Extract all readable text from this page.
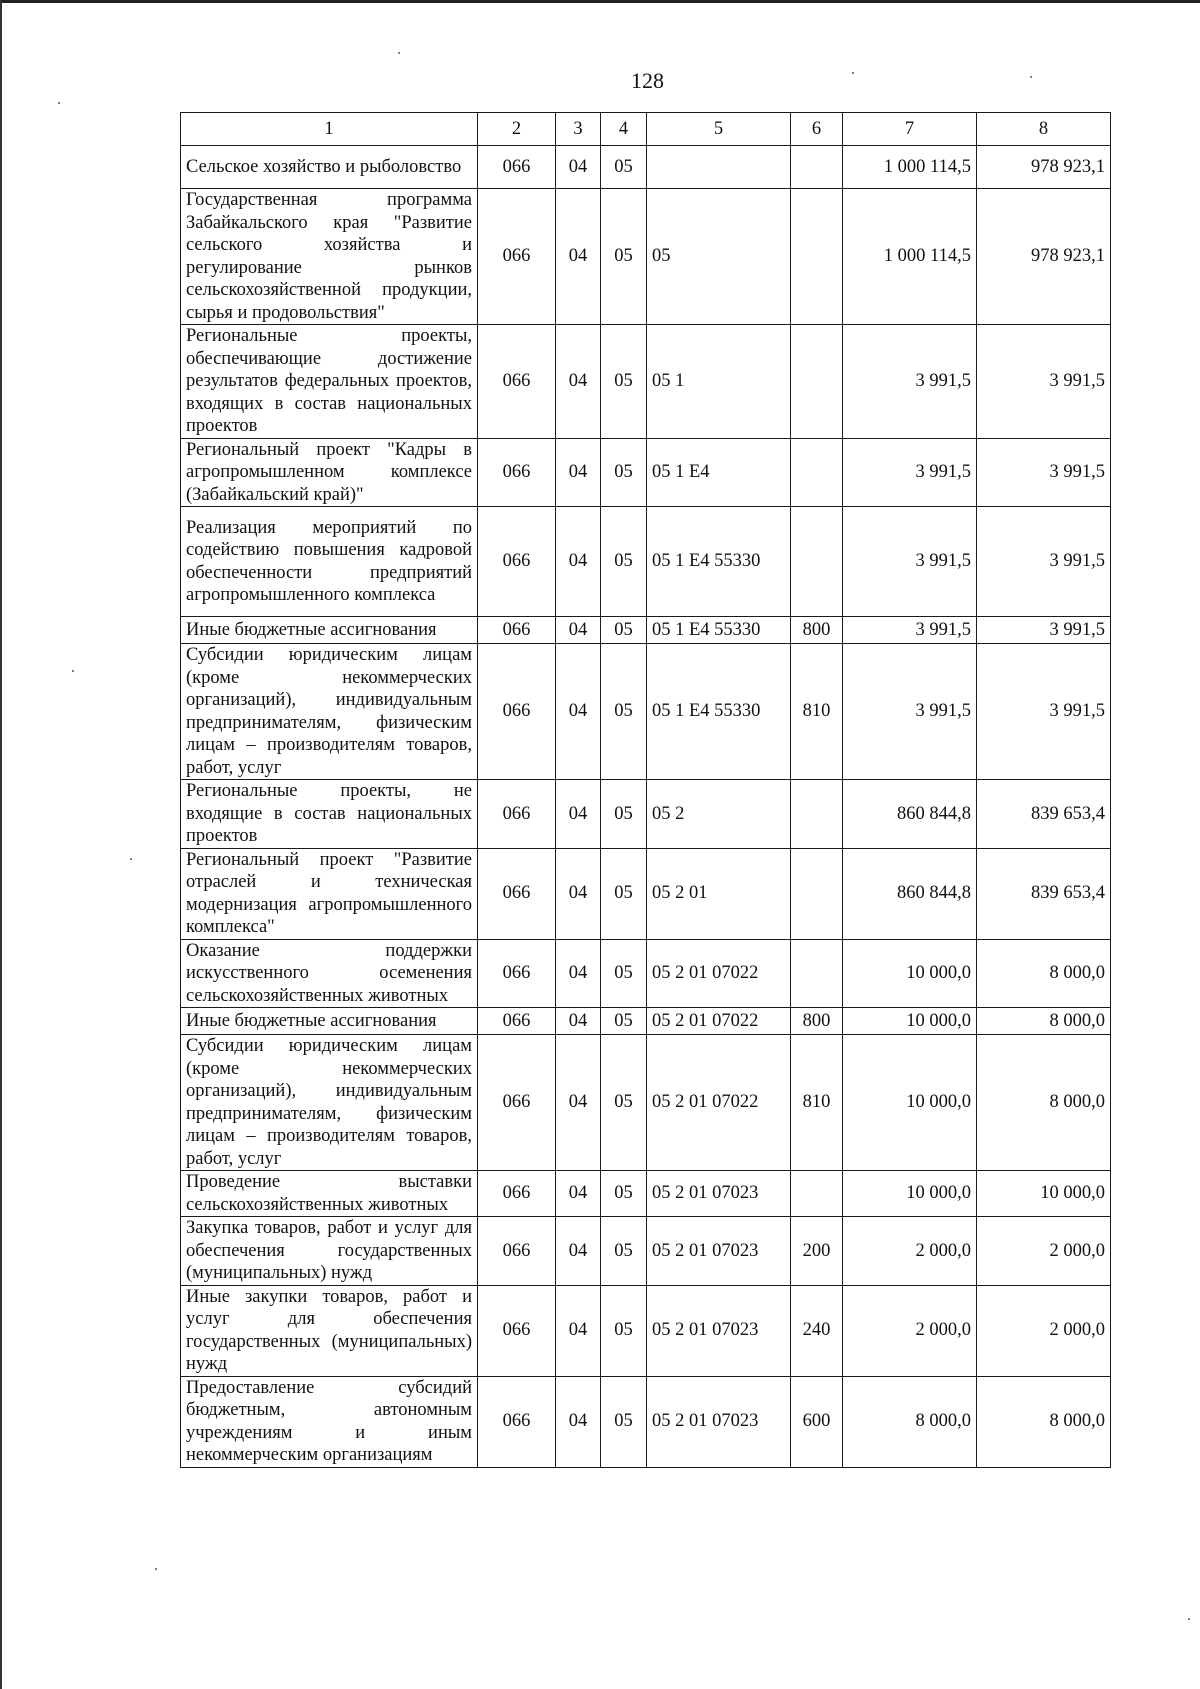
128
1	2	3	4	5	6	7	8
Сельское хозяйство и рыболовство	066	04	05			1 000 114,5	978 923,1
Государственная программа Забайкальского края "Развитие сельского хозяйства и регулирование рынков сельскохозяйственной продукции, сырья и продовольствия"	066	04	05	05		1 000 114,5	978 923,1
Региональные проекты, обеспечивающие достижение результатов федеральных проектов, входящих в состав национальных проектов	066	04	05	05 1		3 991,5	3 991,5
Региональный проект "Кадры в агропромышленном комплексе (Забайкальский край)"	066	04	05	05 1 E4		3 991,5	3 991,5
Реализация мероприятий по содействию повышения кадровой обеспеченности предприятий агропромышленного комплекса	066	04	05	05 1 E4 55330		3 991,5	3 991,5
Иные бюджетные ассигнования	066	04	05	05 1 E4 55330	800	3 991,5	3 991,5
Субсидии юридическим лицам (кроме некоммерческих организаций), индивидуальным предпринимателям, физическим лицам – производителям товаров, работ, услуг	066	04	05	05 1 E4 55330	810	3 991,5	3 991,5
Региональные проекты, не входящие в состав национальных проектов	066	04	05	05 2		860 844,8	839 653,4
Региональный проект "Развитие отраслей и техническая модернизация агропромышленного комплекса"	066	04	05	05 2 01		860 844,8	839 653,4
Оказание поддержки искусственного осеменения сельскохозяйственных животных	066	04	05	05 2 01 07022		10 000,0	8 000,0
Иные бюджетные ассигнования	066	04	05	05 2 01 07022	800	10 000,0	8 000,0
Субсидии юридическим лицам (кроме некоммерческих организаций), индивидуальным предпринимателям, физическим лицам – производителям товаров, работ, услуг	066	04	05	05 2 01 07022	810	10 000,0	8 000,0
Проведение выставки сельскохозяйственных животных	066	04	05	05 2 01 07023		10 000,0	10 000,0
Закупка товаров, работ и услуг для обеспечения государственных (муниципальных) нужд	066	04	05	05 2 01 07023	200	2 000,0	2 000,0
Иные закупки товаров, работ и услуг для обеспечения государственных (муниципальных) нужд	066	04	05	05 2 01 07023	240	2 000,0	2 000,0
Предоставление субсидий бюджетным, автономным учреждениям и иным некоммерческим организациям	066	04	05	05 2 01 07023	600	8 000,0	8 000,0
